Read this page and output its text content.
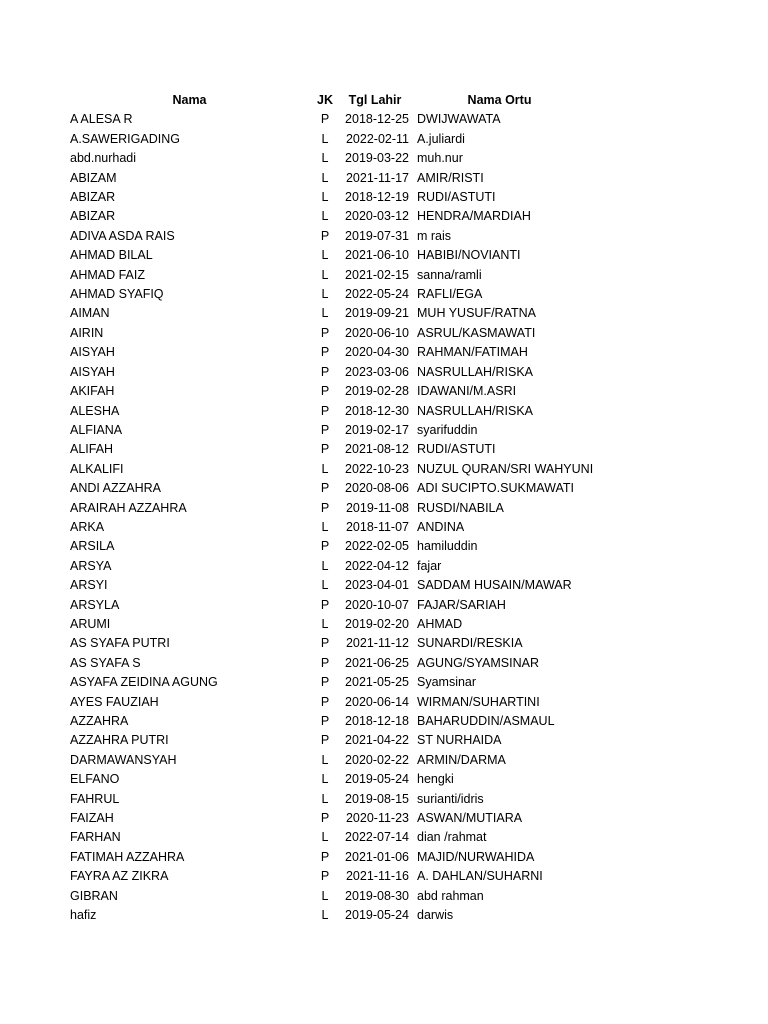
Nama	JK	Tgl Lahir	Nama Ortu
A ALESA R	P	2018-12-25	DWIJWAWATA
A.SAWERIGADING	L	2022-02-11	A.juliardi
abd.nurhadi	L	2019-03-22	muh.nur
ABIZAM	L	2021-11-17	AMIR/RISTI
ABIZAR	L	2018-12-19	RUDI/ASTUTI
ABIZAR	L	2020-03-12	HENDRA/MARDIAH
ADIVA ASDA RAIS	P	2019-07-31	m rais
AHMAD BILAL	L	2021-06-10	HABIBI/NOVIANTI
AHMAD FAIZ	L	2021-02-15	sanna/ramli
AHMAD SYAFIQ	L	2022-05-24	RAFLI/EGA
AIMAN	L	2019-09-21	MUH YUSUF/RATNA
AIRIN	P	2020-06-10	ASRUL/KASMAWATI
AISYAH	P	2020-04-30	RAHMAN/FATIMAH
AISYAH	P	2023-03-06	NASRULLAH/RISKA
AKIFAH	P	2019-02-28	IDAWANI/M.ASRI
ALESHA	P	2018-12-30	NASRULLAH/RISKA
ALFIANA	P	2019-02-17	syarifuddin
ALIFAH	P	2021-08-12	RUDI/ASTUTI
ALKALIFI	L	2022-10-23	NUZUL QURAN/SRI WAHYUNI
ANDI AZZAHRA	P	2020-08-06	ADI SUCIPTO.SUKMAWATI
ARAIRAH AZZAHRA	P	2019-11-08	RUSDI/NABILA
ARKA	L	2018-11-07	ANDINA
ARSILA	P	2022-02-05	hamiluddin
ARSYA	L	2022-04-12	fajar
ARSYI	L	2023-04-01	SADDAM HUSAIN/MAWAR
ARSYLA	P	2020-10-07	FAJAR/SARIAH
ARUMI	L	2019-02-20	AHMAD
AS SYAFA PUTRI	P	2021-11-12	SUNARDI/RESKIA
AS SYAFA S	P	2021-06-25	AGUNG/SYAMSINAR
ASYAFA ZEIDINA AGUNG	P	2021-05-25	Syamsinar
AYES FAUZIAH	P	2020-06-14	WIRMAN/SUHARTINI
AZZAHRA	P	2018-12-18	BAHARUDDIN/ASMAUL
AZZAHRA PUTRI	P	2021-04-22	ST NURHAIDA
DARMAWANSYAH	L	2020-02-22	ARMIN/DARMA
ELFANO	L	2019-05-24	hengki
FAHRUL	L	2019-08-15	surianti/idris
FAIZAH	P	2020-11-23	ASWAN/MUTIARA
FARHAN	L	2022-07-14	dian /rahmat
FATIMAH AZZAHRA	P	2021-01-06	MAJID/NURWAHIDA
FAYRA AZ ZIKRA	P	2021-11-16	A. DAHLAN/SUHARNI
GIBRAN	L	2019-08-30	abd rahman
hafiz	L	2019-05-24	darwis
